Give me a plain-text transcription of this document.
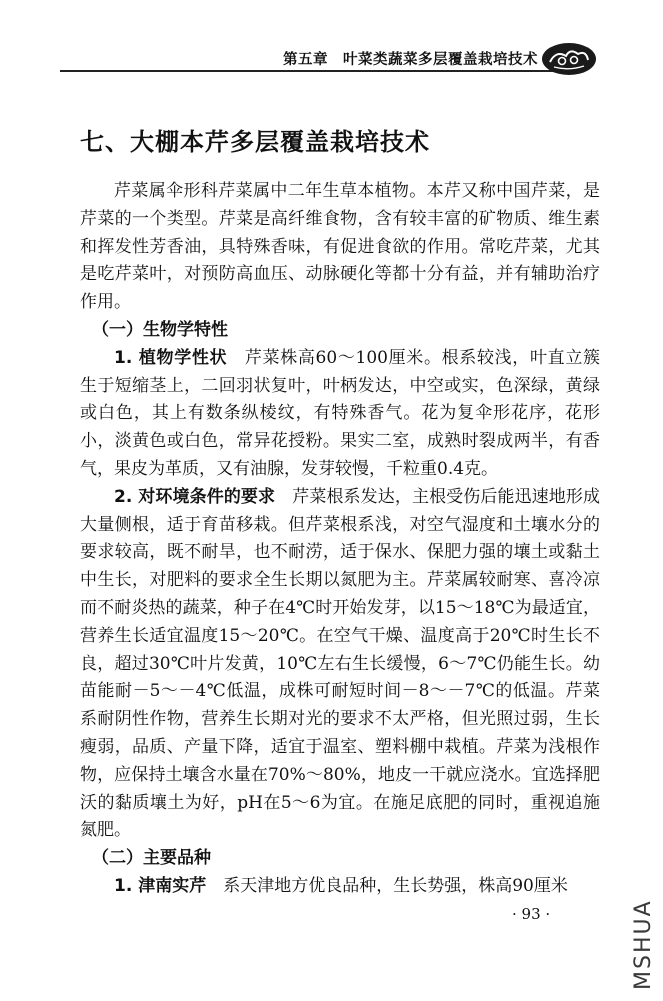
第五章　叶菜类蔬菜多层覆盖栽培技术
七、大棚本芹多层覆盖栽培技术

芹菜属伞形科芹菜属中二年生草本植物。本芹又称中国芹菜，是芹菜的一个类型。芹菜是高纤维食物，含有较丰富的矿物质、维生素和挥发性芳香油，具特殊香味，有促进食欲的作用。常吃芹菜，尤其是吃芹菜叶，对预防高血压、动脉硬化等都十分有益，并有辅助治疗作用。

（一）生物学特性

1. 植物学性状　芹菜株高60～100厘米。根系较浅，叶直立簇生于短缩茎上，二回羽状复叶，叶柄发达，中空或实，色深绿，黄绿或白色，其上有数条纵棱纹，有特殊香气。花为复伞形花序，花形小，淡黄色或白色，常异花授粉。果实二室，成熟时裂成两半，有香气，果皮为革质，又有油腺，发芽较慢，千粒重0.4克。

2. 对环境条件的要求　芹菜根系发达，主根受伤后能迅速地形成大量侧根，适于育苗移栽。但芹菜根系浅，对空气湿度和土壤水分的要求较高，既不耐旱，也不耐涝，适于保水、保肥力强的壤土或黏土中生长，对肥料的要求全生长期以氮肥为主。芹菜属较耐寒、喜冷凉而不耐炎热的蔬菜，种子在4℃时开始发芽，以15～18℃为最适宜，营养生长适宜温度15～20℃。在空气干燥、温度高于20℃时生长不良，超过30℃叶片发黄，10℃左右生长缓慢，6～7℃仍能生长。幼苗能耐－5～－4℃低温，成株可耐短时间－8～－7℃的低温。芹菜系耐阴性作物，营养生长期对光的要求不太严格，但光照过弱，生长瘦弱，品质、产量下降，适宜于温室、塑料棚中栽植。芹菜为浅根作物，应保持土壤含水量在70%～80%，地皮一干就应浇水。宜选择肥沃的黏质壤土为好，pH在5～6为宜。在施足底肥的同时，重视追施氮肥。

（二）主要品种

1. 津南实芹　系天津地方优良品种，生长势强，株高90厘米

· 93 ·	MSHUA
